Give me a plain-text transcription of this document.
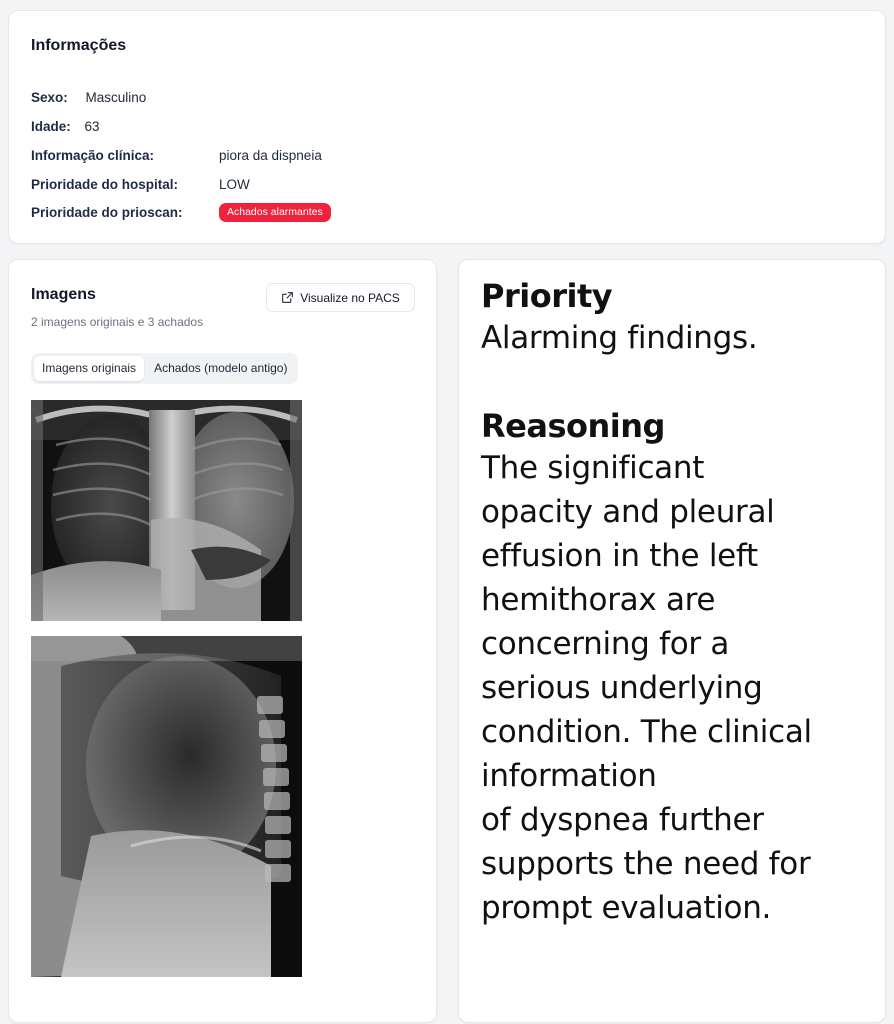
Informações
Sexo: Masculino
Idade: 63
Informação clínica:	piora da dispneia
Prioridade do hospital:	LOW
Prioridade do prioscan:	Achados alarmantes
Imagens
2 imagens originais e 3 achados
Visualize no PACS
Imagens originais	Achados (modelo antigo)
Priority
Alarming findings.
Reasoning
The significant
opacity and pleural
effusion in the left
hemithorax are
concerning for a
serious underlying
condition. The clinical
information
of dyspnea further
supports the need for
prompt evaluation.
